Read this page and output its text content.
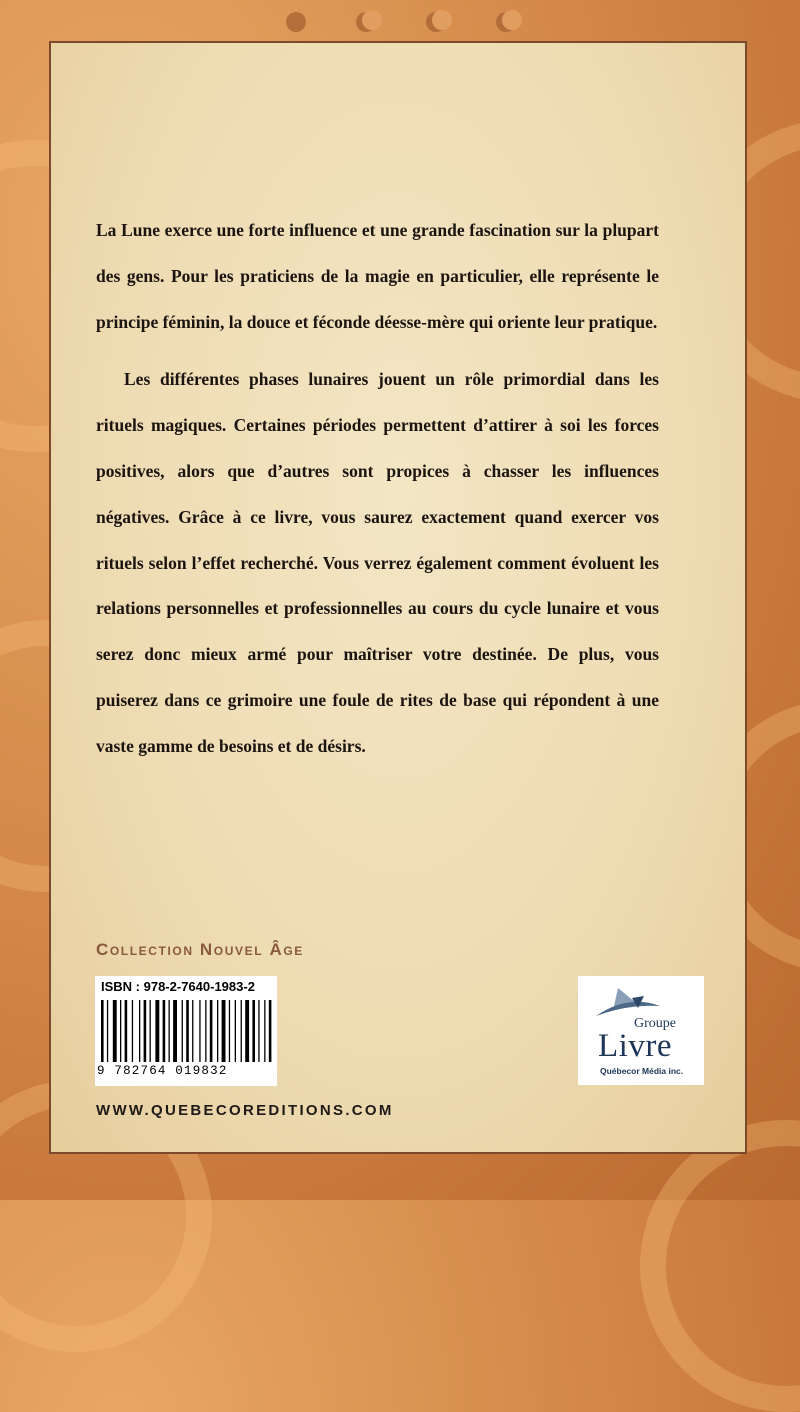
La Lune exerce une forte influence et une grande fascination sur la plupart des gens. Pour les praticiens de la magie en particulier, elle représente le principe féminin, la douce et féconde déesse-mère qui oriente leur pratique.

Les différentes phases lunaires jouent un rôle primordial dans les rituels magiques. Certaines périodes permettent d’attirer à soi les forces positives, alors que d’autres sont propices à chasser les influences négatives. Grâce à ce livre, vous saurez exactement quand exercer vos rituels selon l’effet recherché. Vous verrez également comment évoluent les relations personnelles et professionnelles au cours du cycle lunaire et vous serez donc mieux armé pour maîtriser votre destinée. De plus, vous puiserez dans ce grimoire une foule de rites de base qui répondent à une vaste gamme de besoins et de désirs.

Collection Nouvel Âge
ISBN : 978-2-7640-1983-2
9 782764 019832
Groupe
Livre
Québecor Média inc.
WWW.QUEBECOREDITIONS.COM
